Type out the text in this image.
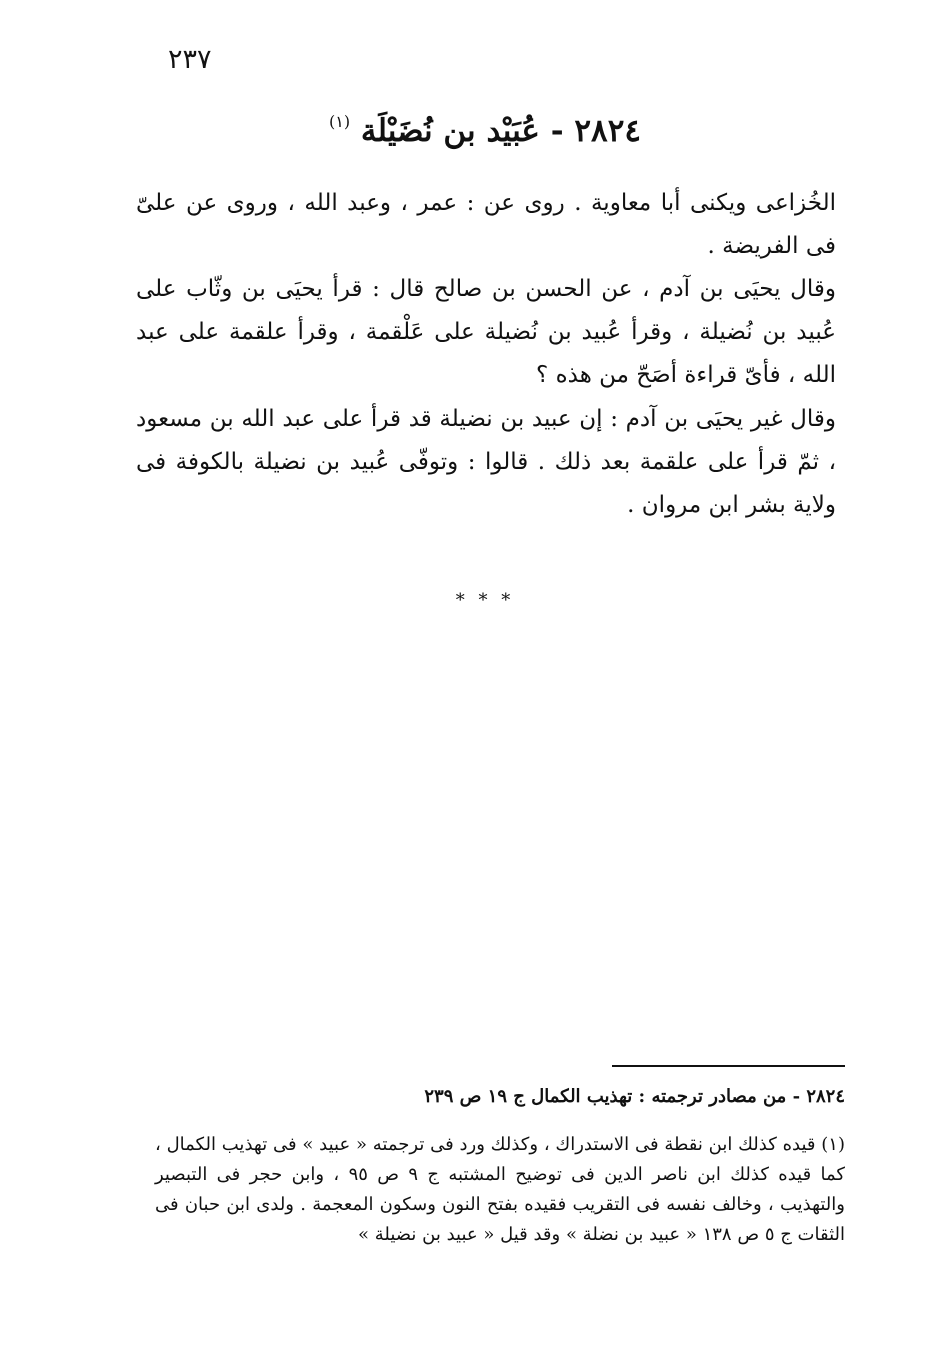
٢٣٧
٢٨٢٤ - عُبَيْد بن نُضَيْلَة $^{(١)}$

الخُزاعى ويكنى أبا معاوية . روى عن : عمر ، وعبد الله ، وروى عن علىّ فى الفريضة .

وقال يحيَى بن آدم ، عن الحسن بن صالح قال : قرأ يحيَى بن وثّاب على عُبيد بن نُضيلة ، وقرأ عُبيد بن نُضيلة على عَلْقمة ، وقرأ علقمة على عبد الله ، فأىّ قراءة أصَحّ من هذه ؟

وقال غير يحيَى بن آدم : إن عبيد بن نضيلة قد قرأ على عبد الله بن مسعود ، ثمّ قرأ على علقمة بعد ذلك . قالوا : وتوفّى عُبيد بن نضيلة بالكوفة فى ولاية بشر ابن مروان .

* * *

٢٨٢٤ - من مصادر ترجمته : تهذيب الكمال ج ١٩ ص ٢٣٩

(١) قيده كذلك ابن نقطة فى الاستدراك ، وكذلك ورد فى ترجمته « عبيد » فى تهذيب الكمال ، كما قيده كذلك ابن ناصر الدين فى توضيح المشتبه ج ٩ ص ٩٥ ، وابن حجر فى التبصير والتهذيب ، وخالف نفسه فى التقريب فقيده بفتح النون وسكون المعجمة . ولدى ابن حبان فى الثقات ج ٥ ص ١٣٨ « عبيد بن نضلة » وقد قيل « عبيد بن نضيلة »
